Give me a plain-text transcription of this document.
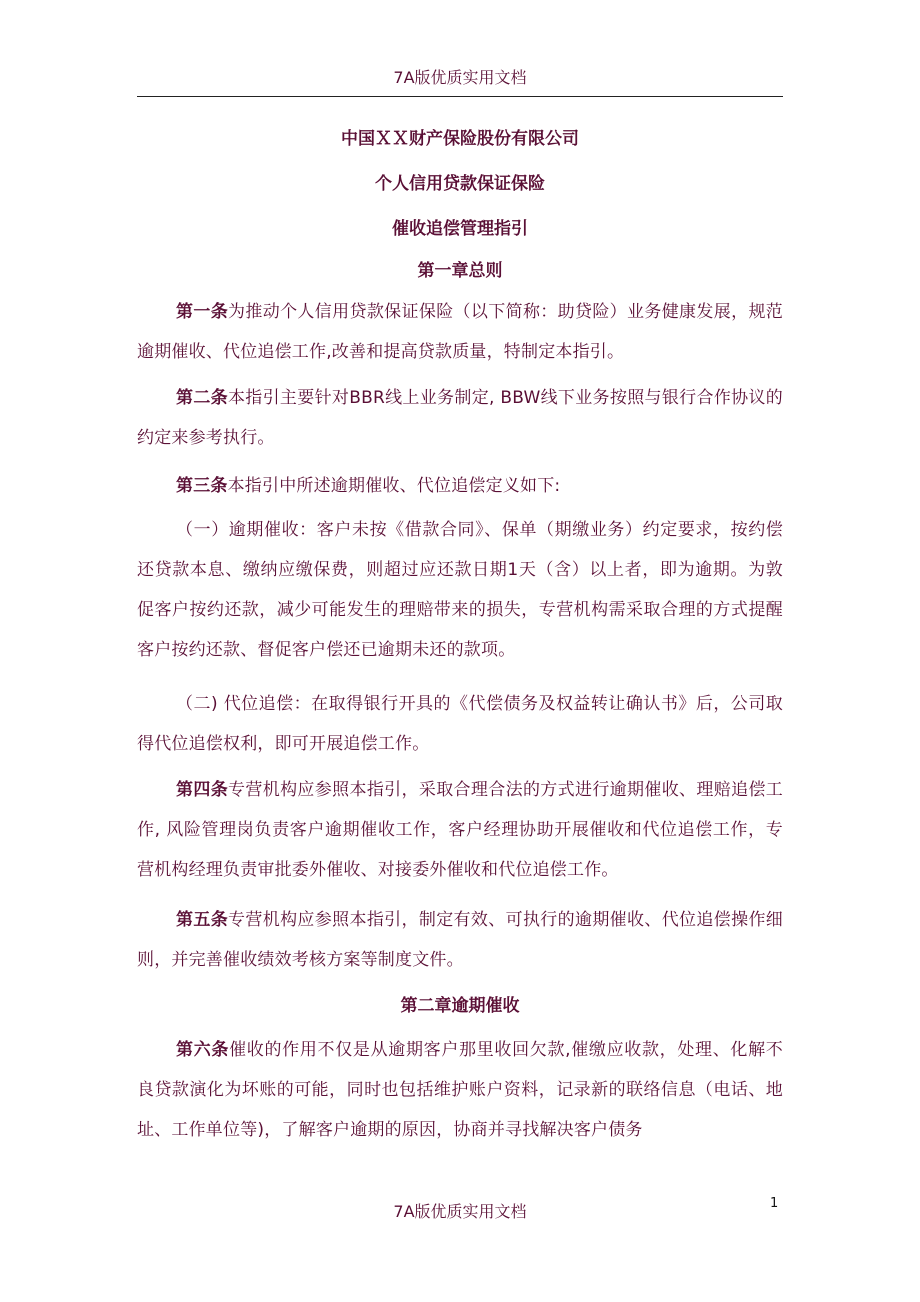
7A版优质实用文档
中国ＸＸ财产保险股份有限公司
个人信用贷款保证保险
催收追偿管理指引
第一章总则
第一条为推动个人信用贷款保证保险（以下简称：助贷险）业务健康发展，规范逾期催收、代位追偿工作,改善和提高贷款质量，特制定本指引。
第二条本指引主要针对BBR线上业务制定, BBW线下业务按照与银行合作协议的约定来参考执行。
第三条本指引中所述逾期催收、代位追偿定义如下:
（一）逾期催收：客户未按《借款合同》、保单（期缴业务）约定要求，按约偿还贷款本息、缴纳应缴保费，则超过应还款日期1天（含）以上者，即为逾期。为敦促客户按约还款，减少可能发生的理赔带来的损失，专营机构需采取合理的方式提醒客户按约还款、督促客户偿还已逾期未还的款项。
（二) 代位追偿：在取得银行开具的《代偿债务及权益转让确认书》后，公司取得代位追偿权利，即可开展追偿工作。
第四条专营机构应参照本指引，采取合理合法的方式进行逾期催收、理赔追偿工作, 风险管理岗负责客户逾期催收工作，客户经理协助开展催收和代位追偿工作，专营机构经理负责审批委外催收、对接委外催收和代位追偿工作。
第五条专营机构应参照本指引，制定有效、可执行的逾期催收、代位追偿操作细则，并完善催收绩效考核方案等制度文件。
第二章逾期催收
第六条催收的作用不仅是从逾期客户那里收回欠款,催缴应收款，处理、化解不良贷款演化为坏账的可能，同时也包括维护账户资料，记录新的联络信息（电话、地址、工作单位等)，了解客户逾期的原因，协商并寻找解决客户债务
1
7A版优质实用文档
